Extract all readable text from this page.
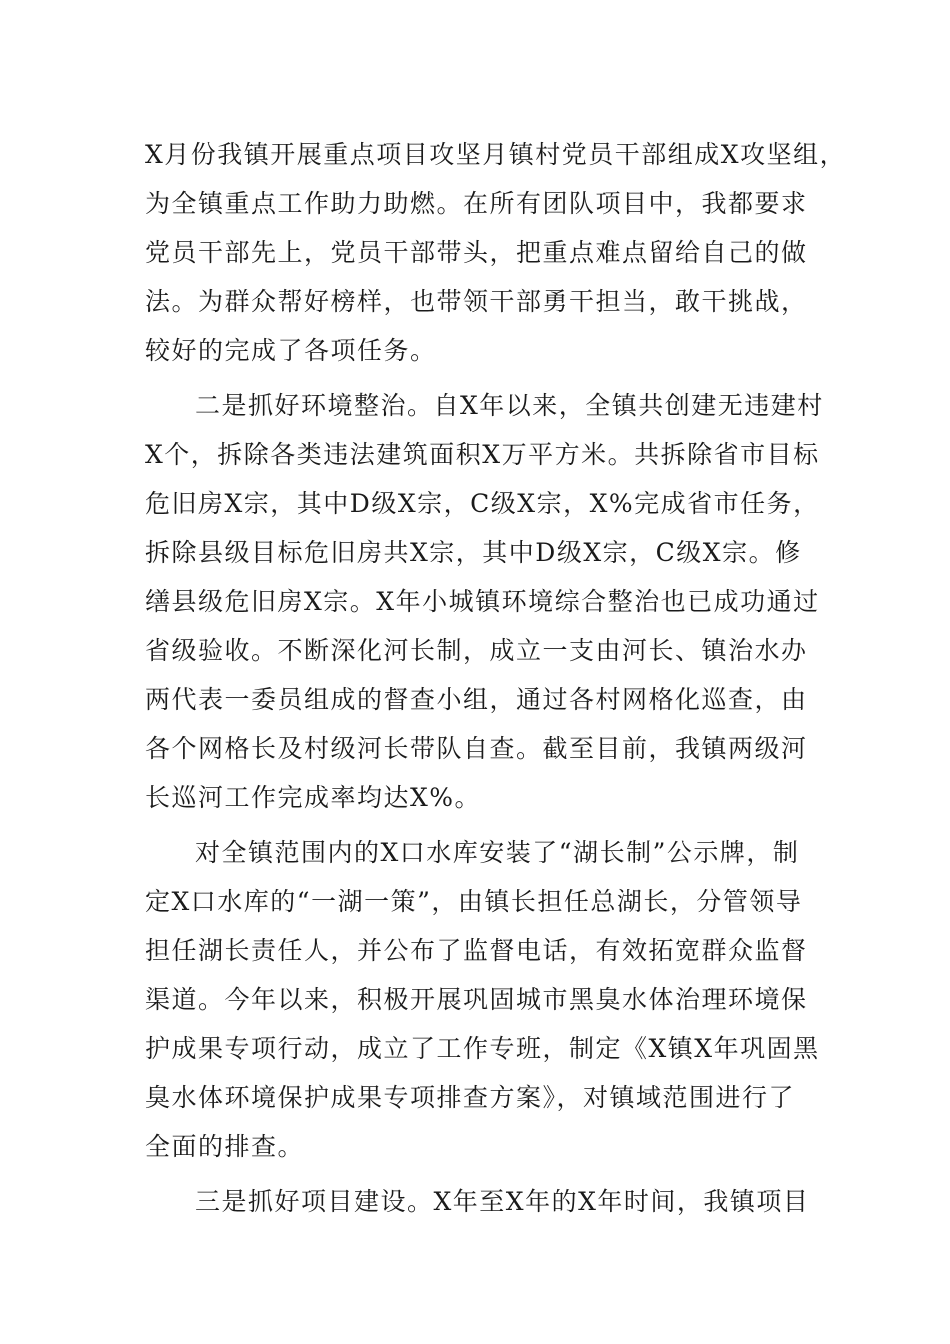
X月份我镇开展重点项目攻坚月镇村党员干部组成X攻坚组，
为全镇重点工作助力助燃。在所有团队项目中，我都要求
党员干部先上，党员干部带头，把重点难点留给自己的做
法。为群众帮好榜样，也带领干部勇干担当，敢干挑战，
较好的完成了各项任务。
二是抓好环境整治。自X年以来，全镇共创建无违建村
X个，拆除各类违法建筑面积X万平方米。共拆除省市目标
危旧房X宗，其中D级X宗，C级X宗，X%完成省市任务，
拆除县级目标危旧房共X宗，其中D级X宗，C级X宗。修
缮县级危旧房X宗。X年小城镇环境综合整治也已成功通过
省级验收。不断深化河长制，成立一支由河长、镇治水办
两代表一委员组成的督查小组，通过各村网格化巡查，由
各个网格长及村级河长带队自查。截至目前，我镇两级河
长巡河工作完成率均达X%。
对全镇范围内的X口水库安装了“湖长制”公示牌，制
定X口水库的“一湖一策”，由镇长担任总湖长，分管领导
担任湖长责任人，并公布了监督电话，有效拓宽群众监督
渠道。今年以来，积极开展巩固城市黑臭水体治理环境保
护成果专项行动，成立了工作专班，制定《X镇X年巩固黑
臭水体环境保护成果专项排查方案》，对镇域范围进行了
全面的排查。
三是抓好项目建设。X年至X年的X年时间，我镇项目
